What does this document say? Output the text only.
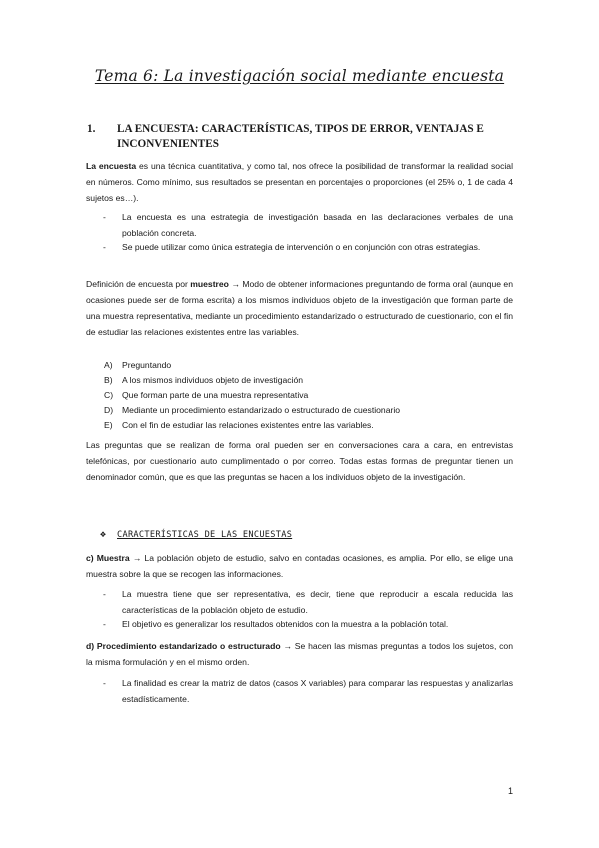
Tema 6: La investigación social mediante encuesta
1. LA ENCUESTA: CARACTERÍSTICAS, TIPOS DE ERROR, VENTAJAS E INCONVENIENTES
La encuesta es una técnica cuantitativa, y como tal, nos ofrece la posibilidad de transformar la realidad social en números. Como mínimo, sus resultados se presentan en porcentajes o proporciones (el 25% o, 1 de cada 4 sujetos es…).
- La encuesta es una estrategia de investigación basada en las declaraciones verbales de una población concreta.
- Se puede utilizar como única estrategia de intervención o en conjunción con otras estrategias.
Definición de encuesta por muestreo → Modo de obtener informaciones preguntando de forma oral (aunque en ocasiones puede ser de forma escrita) a los mismos individuos objeto de la investigación que forman parte de una muestra representativa, mediante un procedimiento estandarizado o estructurado de cuestionario, con el fin de estudiar las relaciones existentes entre las variables.
A) Preguntando
B) A los mismos individuos objeto de investigación
C) Que forman parte de una muestra representativa
D) Mediante un procedimiento estandarizado o estructurado de cuestionario
E) Con el fin de estudiar las relaciones existentes entre las variables.
Las preguntas que se realizan de forma oral pueden ser en conversaciones cara a cara, en entrevistas telefónicas, por cuestionario auto cumplimentado o por correo. Todas estas formas de preguntar tienen un denominador común, que es que las preguntas se hacen a los individuos objeto de la investigación.
❖ CARACTERÍSTICAS DE LAS ENCUESTAS
c) Muestra → La población objeto de estudio, salvo en contadas ocasiones, es amplia. Por ello, se elige una muestra sobre la que se recogen las informaciones.
- La muestra tiene que ser representativa, es decir, tiene que reproducir a escala reducida las características de la población objeto de estudio.
- El objetivo es generalizar los resultados obtenidos con la muestra a la población total.
d) Procedimiento estandarizado o estructurado → Se hacen las mismas preguntas a todos los sujetos, con la misma formulación y en el mismo orden.
- La finalidad es crear la matriz de datos (casos X variables) para comparar las respuestas y analizarlas estadísticamente.
1
